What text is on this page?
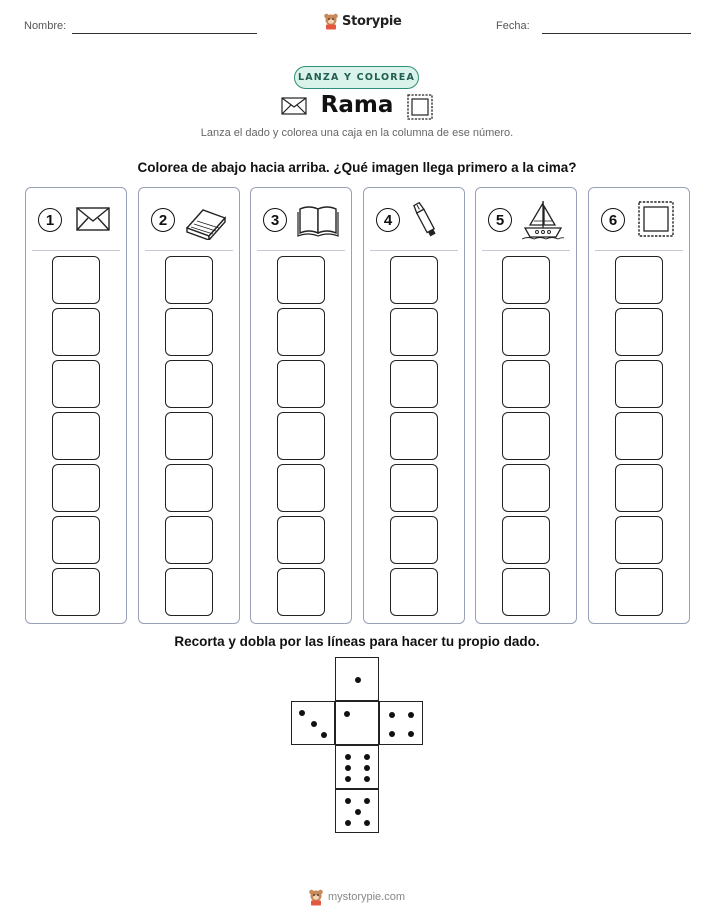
Nombre:	Storypie	Fecha:
LANZA Y COLOREA
Rama
Lanza el dado y colorea una caja en la columna de ese número.
Colorea de abajo hacia arriba. ¿Qué imagen llega primero a la cima?
1	2	3	4	5	6
Recorta y dobla por las líneas para hacer tu propio dado.
mystorypie.com
